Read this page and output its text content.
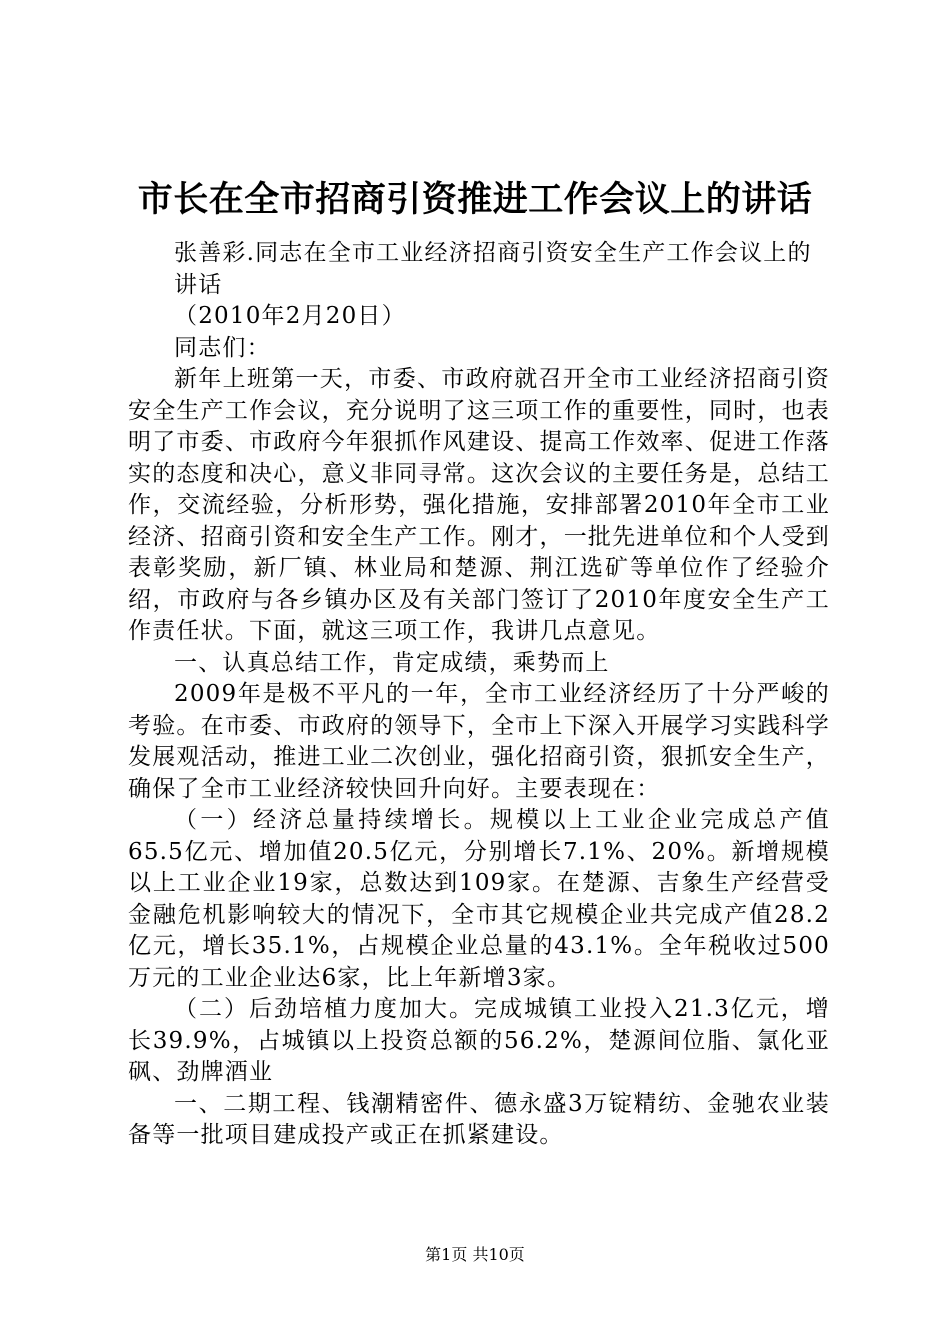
市长在全市招商引资推进工作会议上的讲话

张善彩.同志在全市工业经济招商引资安全生产工作会议上的

讲话

（2010年2月20日）

同志们：

新年上班第一天，市委、市政府就召开全市工业经济招商引资安全生产工作会议，充分说明了这三项工作的重要性，同时，也表明了市委、市政府今年狠抓作风建设、提高工作效率、促进工作落实的态度和决心，意义非同寻常。这次会议的主要任务是，总结工作，交流经验，分析形势，强化措施，安排部署2010年全市工业经济、招商引资和安全生产工作。刚才，一批先进单位和个人受到表彰奖励，新厂镇、林业局和楚源、荆江选矿等单位作了经验介绍，市政府与各乡镇办区及有关部门签订了2010年度安全生产工作责任状。下面，就这三项工作，我讲几点意见。

一、认真总结工作，肯定成绩，乘势而上

2009年是极不平凡的一年，全市工业经济经历了十分严峻的考验。在市委、市政府的领导下，全市上下深入开展学习实践科学发展观活动，推进工业二次创业，强化招商引资，狠抓安全生产，确保了全市工业经济较快回升向好。主要表现在：

（一）经济总量持续增长。规模以上工业企业完成总产值65.5亿元、增加值20.5亿元，分别增长7.1%、20%。新增规模以上工业企业19家，总数达到109家。在楚源、吉象生产经营受金融危机影响较大的情况下，全市其它规模企业共完成产值28.2亿元，增长35.1%，占规模企业总量的43.1%。全年税收过500万元的工业企业达6家，比上年新增3家。

（二）后劲培植力度加大。完成城镇工业投入21.3亿元，增长39.9%，占城镇以上投资总额的56.2%，楚源间位脂、氯化亚砜、劲牌酒业

一、二期工程、钱潮精密件、德永盛3万锭精纺、金驰农业装备等一批项目建成投产或正在抓紧建设。

第1页 共10页
